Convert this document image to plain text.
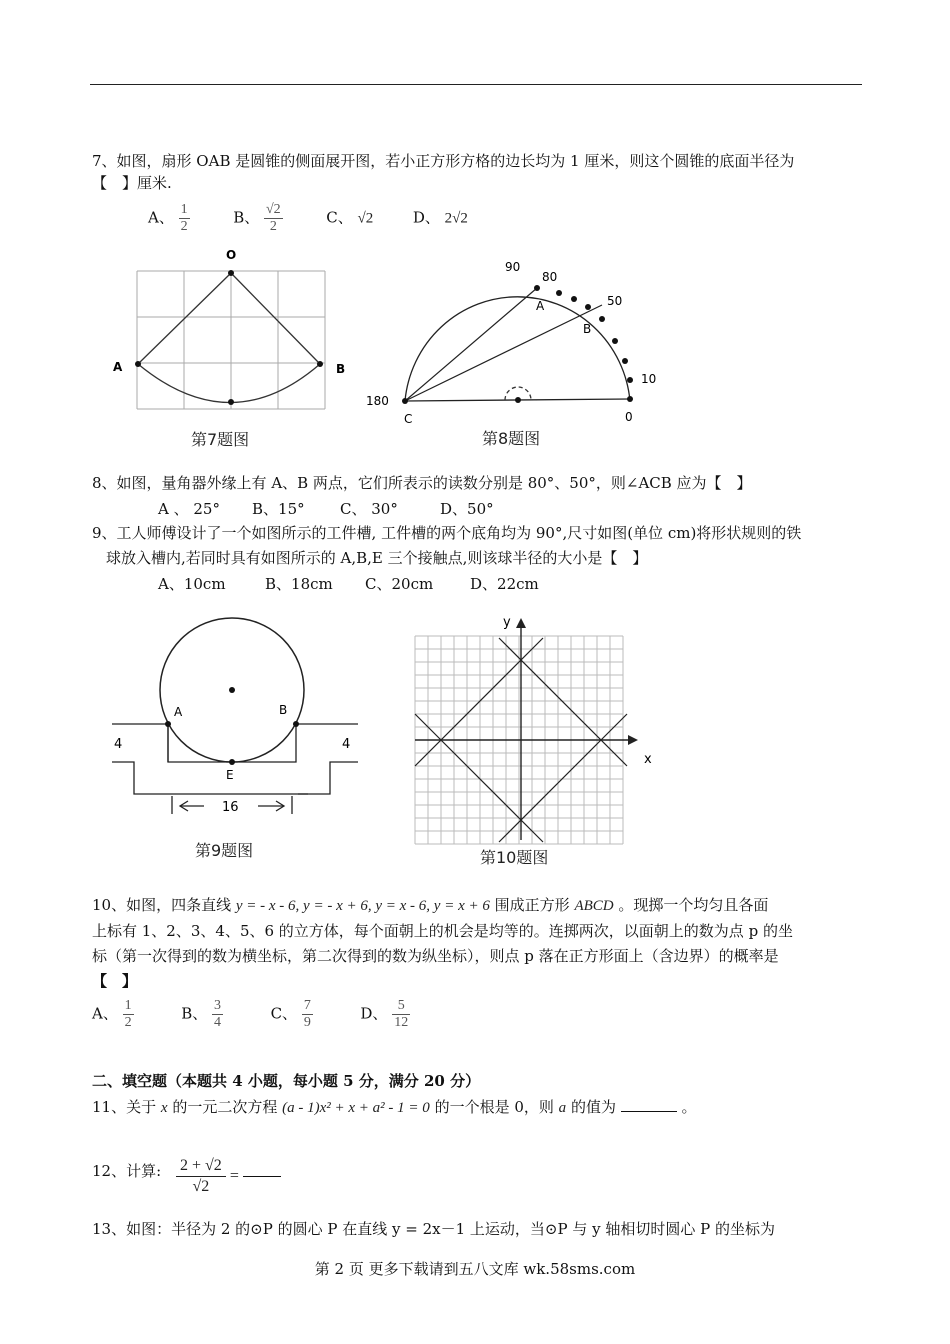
7、如图，扇形 OAB 是圆锥的侧面展开图，若小正方形方格的边长均为 1 厘米，则这个圆锥的底面半径为
【　】厘米.
A、 $\frac{1}{2}$	B、 $\frac{√2}{2}$	C、 √2	D、 2√2
O
A	B
第7题图
90
80
50
10
180
0
A
B
C
第8题图
8、如图，量角器外缘上有 A、B 两点，它们所表示的读数分别是 80°、50°，则∠ACB 应为【　】
A 、 25° B、15° C、 30°	D、50°
9、工人师傅设计了一个如图所示的工件槽, 工件槽的两个底角均为 90°,尺寸如图(单位 cm)将形状规则的铁
球放入槽内,若同时具有如图所示的 A,B,E 三个接触点,则该球半径的大小是【　】
A、10cm	B、18cm C、20cm D、22cm
A	B
E
4	4
16
第9题图
y
x
第10题图
10、如图，四条直线 y = - x - 6, y = - x + 6, y = x - 6, y = x + 6 围成正方形 ABCD 。现掷一个均匀且各面
上标有 1、2、3、4、5、6 的立方体，每个面朝上的机会是均等的。连掷两次，以面朝上的数为点 p 的坐
标（第一次得到的数为横坐标，第二次得到的数为纵坐标），则点 p 落在正方形面上（含边界）的概率是
【　】
A、 $\frac{1}{2}$	B、 $\frac{3}{4}$	C、 $\frac{7}{9}$	D、 $\frac{5}{12}$
二、填空题（本题共 4 小题，每小题 5 分，满分 20 分）
11、关于 x 的一元二次方程 (a - 1)x² + x + a² - 1 = 0 的一个根是 0，则 a 的值为	。
12、计算: $\frac{2 + √2}{√2}$ =
13、如图：半径为 2 的⊙P 的圆心 P 在直线 y = 2x－1 上运动，当⊙P 与 y 轴相切时圆心 P 的坐标为
第 2 页 更多下载请到五八文库 wk.58sms.com
